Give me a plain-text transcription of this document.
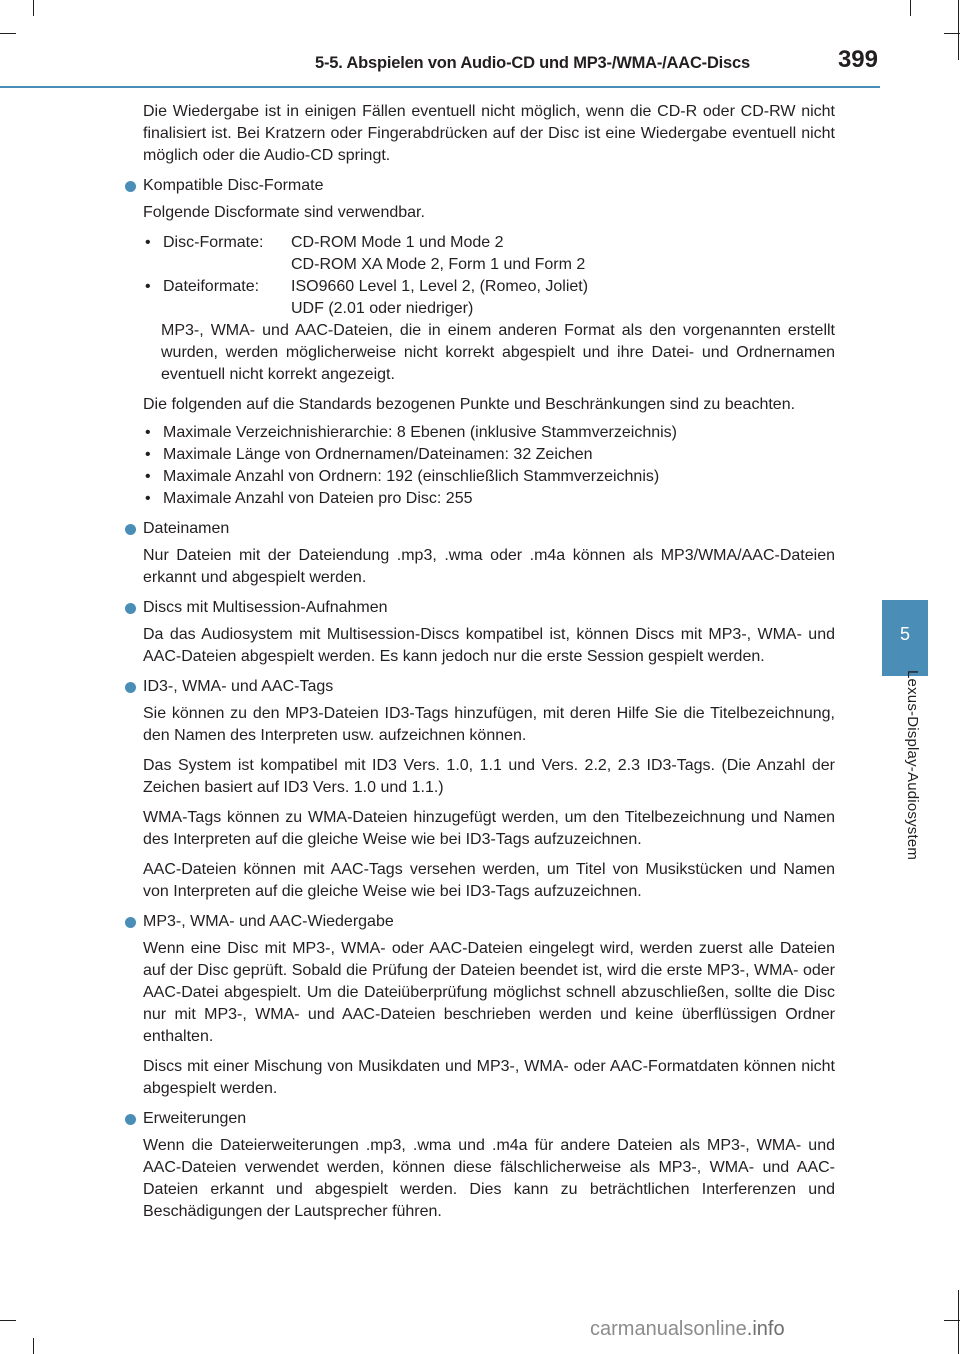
5-5. Abspielen von Audio-CD und MP3-/WMA-/AAC-Discs	399
5
Lexus-Display-Audiosystem

Die Wiedergabe ist in einigen Fällen eventuell nicht möglich, wenn die CD-R oder CD-RW nicht finalisiert ist. Bei Kratzern oder Fingerabdrücken auf der Disc ist eine Wiedergabe eventuell nicht möglich oder die Audio-CD springt.

Kompatible Disc-Formate

Folgende Discformate sind verwendbar.

• Disc-Formate:	CD-ROM Mode 1 und Mode 2
CD-ROM XA Mode 2, Form 1 und Form 2
• Dateiformate:	ISO9660 Level 1, Level 2, (Romeo, Joliet)
UDF (2.01 oder niedriger)

MP3-, WMA- und AAC-Dateien, die in einem anderen Format als den vorgenannten erstellt wurden, werden möglicherweise nicht korrekt abgespielt und ihre Datei- und Ordnernamen eventuell nicht korrekt angezeigt.

Die folgenden auf die Standards bezogenen Punkte und Beschränkungen sind zu beachten.

• Maximale Verzeichnishierarchie: 8 Ebenen (inklusive Stammverzeichnis)
• Maximale Länge von Ordnernamen/Dateinamen: 32 Zeichen
• Maximale Anzahl von Ordnern: 192 (einschließlich Stammverzeichnis)
• Maximale Anzahl von Dateien pro Disc: 255
Dateinamen

Nur Dateien mit der Dateiendung .mp3, .wma oder .m4a können als MP3/WMA/AAC-Dateien erkannt und abgespielt werden.

Discs mit Multisession-Aufnahmen

Da das Audiosystem mit Multisession-Discs kompatibel ist, können Discs mit MP3-, WMA- und AAC-Dateien abgespielt werden. Es kann jedoch nur die erste Session gespielt werden.

ID3-, WMA- und AAC-Tags

Sie können zu den MP3-Dateien ID3-Tags hinzufügen, mit deren Hilfe Sie die Titelbezeichnung, den Namen des Interpreten usw. aufzeichnen können.

Das System ist kompatibel mit ID3 Vers. 1.0, 1.1 und Vers. 2.2, 2.3 ID3-Tags. (Die Anzahl der Zeichen basiert auf ID3 Vers. 1.0 und 1.1.)

WMA-Tags können zu WMA-Dateien hinzugefügt werden, um den Titelbezeichnung und Namen des Interpreten auf die gleiche Weise wie bei ID3-Tags aufzuzeichnen.

AAC-Dateien können mit AAC-Tags versehen werden, um Titel von Musikstücken und Namen von Interpreten auf die gleiche Weise wie bei ID3-Tags aufzuzeichnen.

MP3-, WMA- und AAC-Wiedergabe

Wenn eine Disc mit MP3-, WMA- oder AAC-Dateien eingelegt wird, werden zuerst alle Dateien auf der Disc geprüft. Sobald die Prüfung der Dateien beendet ist, wird die erste MP3-, WMA- oder AAC-Datei abgespielt. Um die Dateiüberprüfung möglichst schnell abzuschließen, sollte die Disc nur mit MP3-, WMA- und AAC-Dateien beschrieben werden und keine überflüssigen Ordner enthalten.

Discs mit einer Mischung von Musikdaten und MP3-, WMA- oder AAC-Formatdaten können nicht abgespielt werden.

Erweiterungen

Wenn die Dateierweiterungen .mp3, .wma und .m4a für andere Dateien als MP3-, WMA- und AAC-Dateien verwendet werden, können diese fälschlicherweise als MP3-, WMA- und AAC-Dateien erkannt und abgespielt werden. Dies kann zu beträchtlichen Interferenzen und Beschädigungen der Lautsprecher führen.

carmanualsonline.info
